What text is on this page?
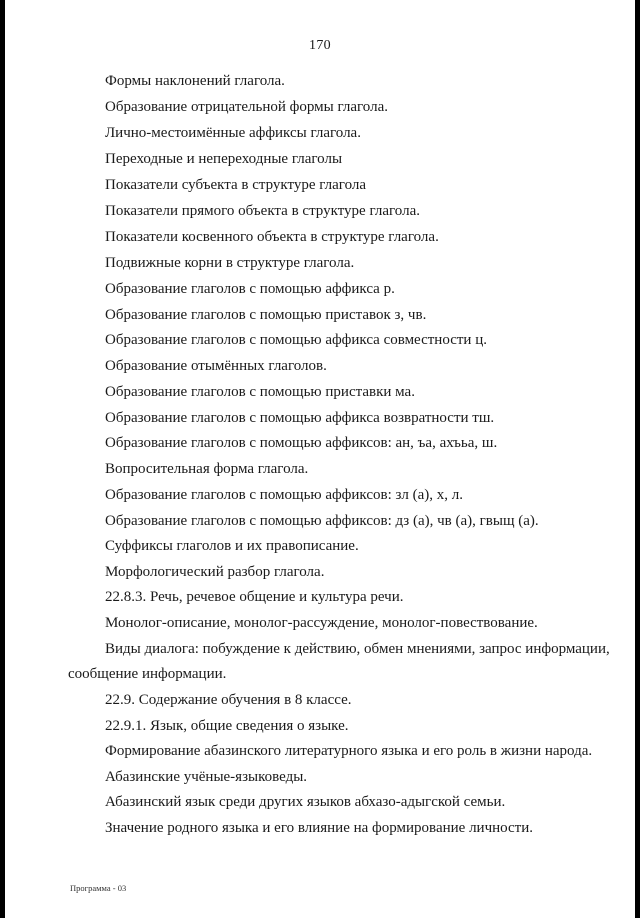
170
Формы наклонений глагола.
Образование отрицательной формы глагола.
Лично-местоимённые аффиксы глагола.
Переходные и непереходные глаголы
Показатели субъекта в структуре глагола
Показатели прямого объекта в структуре глагола.
Показатели косвенного объекта в структуре глагола.
Подвижные корни в структуре глагола.
Образование глаголов с помощью аффикса р.
Образование глаголов с помощью приставок з, чв.
Образование глаголов с помощью аффикса совместности ц.
Образование отымённых глаголов.
Образование глаголов с помощью приставки ма.
Образование глаголов с помощью аффикса возвратности тш.
Образование глаголов с помощью аффиксов: ан, ъа, ахъьа, ш.
Вопросительная форма глагола.
Образование глаголов с помощью аффиксов: зл (а), х, л.
Образование глаголов с помощью аффиксов: дз (а), чв (а), гвыщ (а).
Суффиксы глаголов и их правописание.
Морфологический разбор глагола.
22.8.3. Речь, речевое общение и культура речи.
Монолог-описание, монолог-рассуждение, монолог-повествование.
Виды диалога: побуждение к действию, обмен мнениями, запрос информации,
сообщение информации.
22.9. Содержание обучения в 8 классе.
22.9.1. Язык, общие сведения о языке.
Формирование абазинского литературного языка и его роль в жизни народа.
Абазинские учёные-языковеды.
Абазинский язык среди других языков абхазо-адыгской семьи.
Значение родного языка и его влияние на формирование личности.
Программа - 03
